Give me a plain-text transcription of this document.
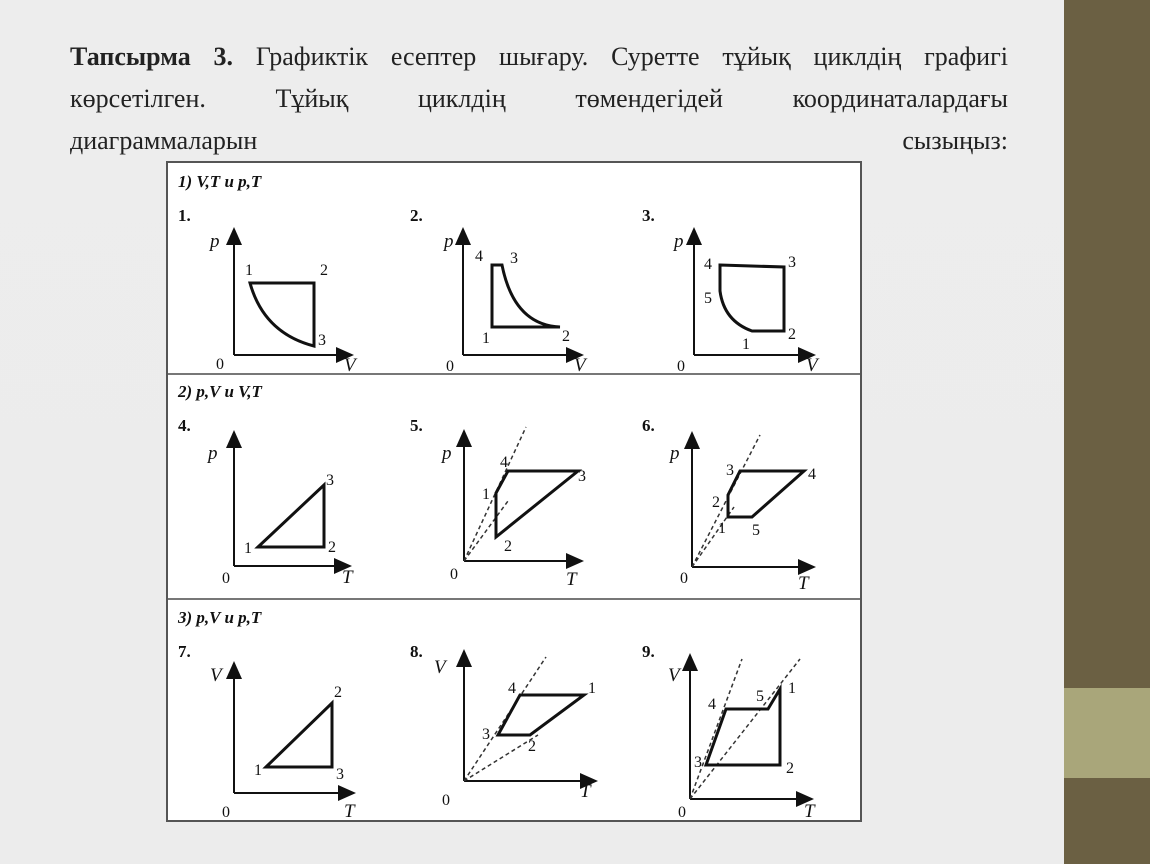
Тапсырма 3. Графиктік есептер шығару. Суретте тұйық циклдің графигі
көрсетілген. Тұйық циклдің төмендегідей координаталардағы
диаграммаларын	сызыңыз:
1) V,T и p,T
2) p,V и V,T
3) p,V и p,T
1.
p
V
0
1	2
3
2.
p
V
0
4 3
1	2
3.
p
V
0
4	3
5
2
1
4.
p
T
0
1	2
3
5.
p
T
0
4
3
1
2
6.
p
T
0
3	4
2
1 5
7.
V
T
0
1
2
3
8.
V
T
0
4	1
3
2
9.
V
T
0
4	5 1
3	2
